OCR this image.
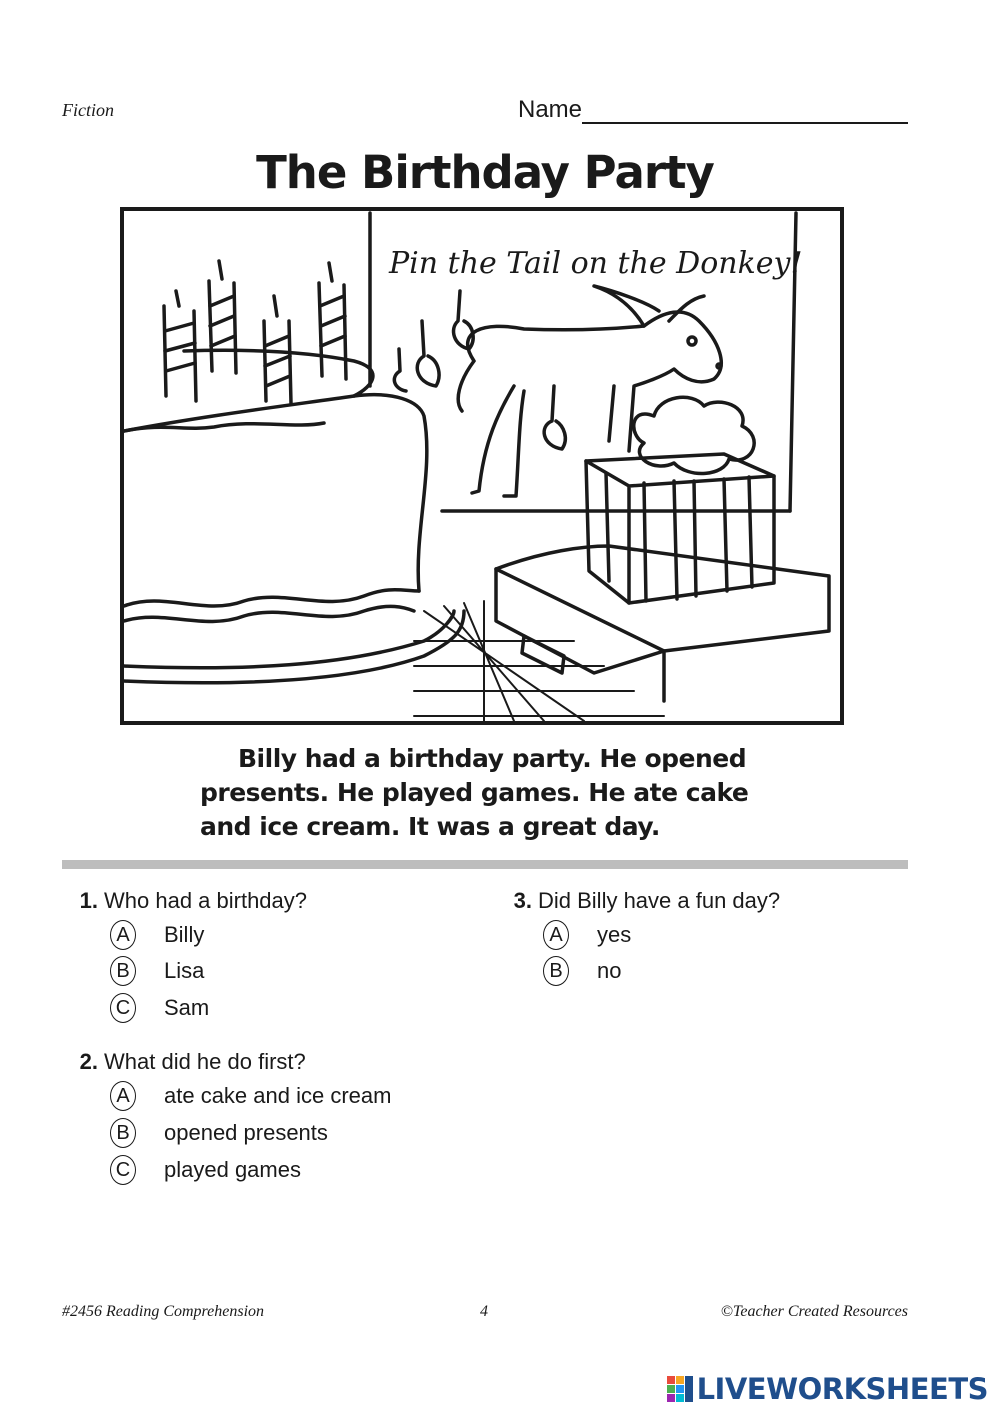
Fiction	Name
The Birthday Party
Pin the Tail on the Donkey!
Billy had a birthday party. He opened
presents. He played games. He ate cake
and ice cream. It was a great day.
1. Who had a birthday?
A Billy
B Lisa
C Sam
2. What did he do first?
A ate cake and ice cream
B opened presents
C played games
3. Did Billy have a fun day?
A yes
B no
#2456 Reading Comprehension	4	©Teacher Created Resources
LIVEWORKSHEETS
